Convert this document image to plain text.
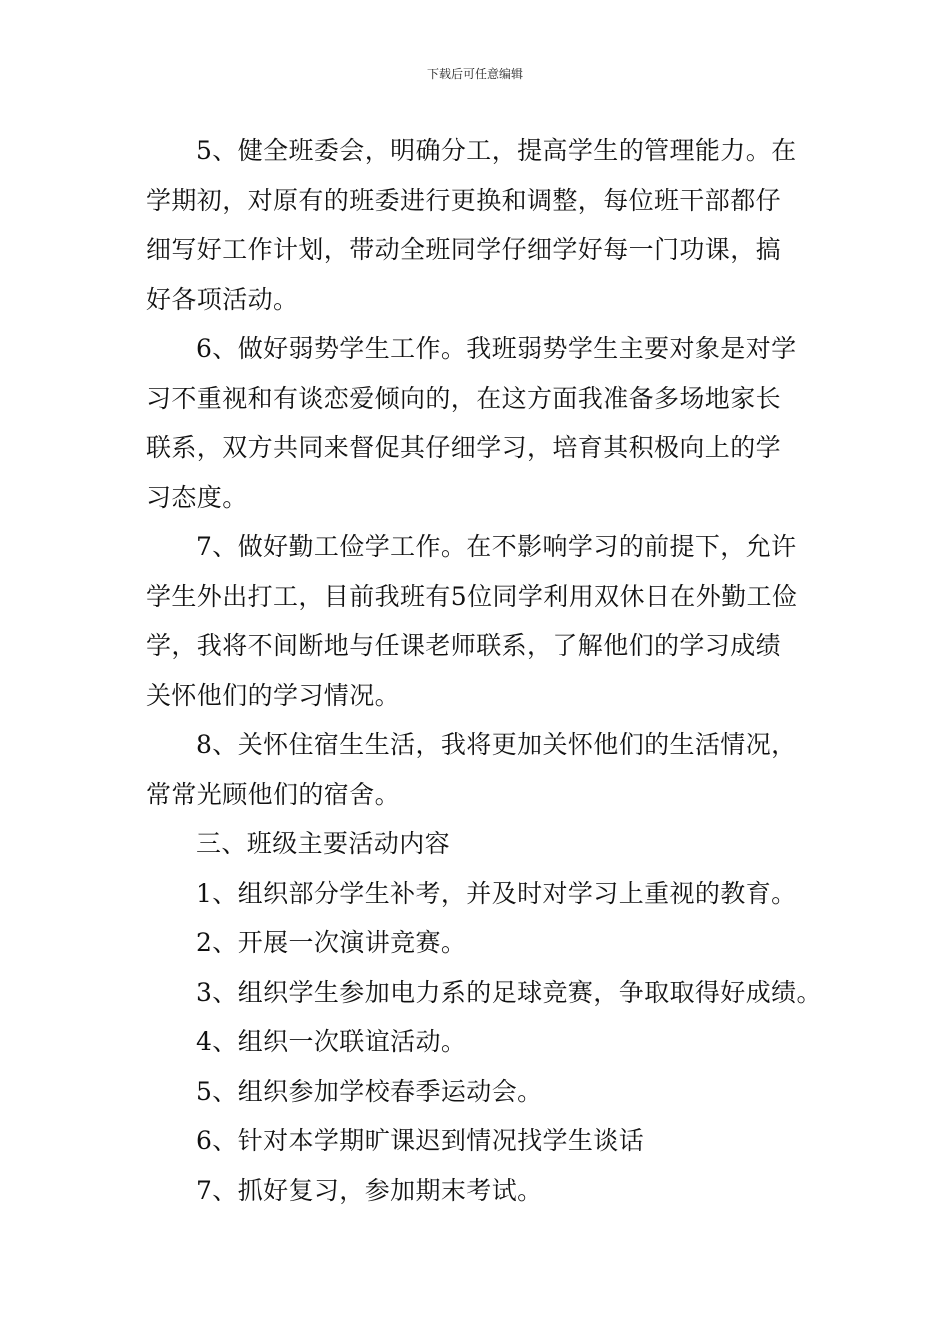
下载后可任意编辑

5、健全班委会，明确分工，提高学生的管理能力。在
学期初，对原有的班委进行更换和调整，每位班干部都仔
细写好工作计划，带动全班同学仔细学好每一门功课，搞
好各项活动。

6、做好弱势学生工作。我班弱势学生主要对象是对学
习不重视和有谈恋爱倾向的，在这方面我准备多场地家长
联系，双方共同来督促其仔细学习，培育其积极向上的学
习态度。

7、做好勤工俭学工作。在不影响学习的前提下，允许
学生外出打工，目前我班有5位同学利用双休日在外勤工俭
学，我将不间断地与任课老师联系，了解他们的学习成绩
关怀他们的学习情况。

8、关怀住宿生生活，我将更加关怀他们的生活情况，
常常光顾他们的宿舍。

三、班级主要活动内容

1、组织部分学生补考，并及时对学习上重视的教育。

2、开展一次演讲竞赛。

3、组织学生参加电力系的足球竞赛，争取取得好成绩。

4、组织一次联谊活动。

5、组织参加学校春季运动会。

6、针对本学期旷课迟到情况找学生谈话

7、抓好复习，参加期末考试。
